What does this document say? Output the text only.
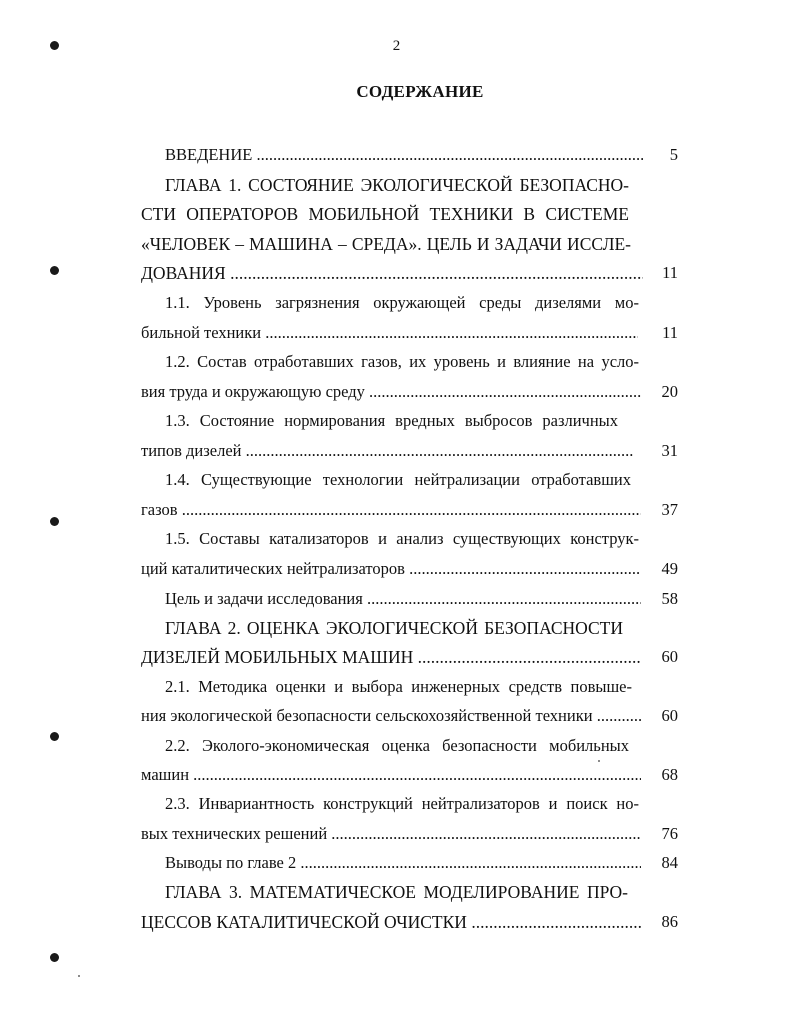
2
СОДЕРЖАНИЕ
ВВЕДЕНИЕ .....	5
ГЛАВА 1. СОСТОЯНИЕ ЭКОЛОГИЧЕСКОЙ БЕЗОПАСНО-
СТИ ОПЕРАТОРОВ МОБИЛЬНОЙ ТЕХНИКИ В СИСТЕМЕ
«ЧЕЛОВЕК – МАШИНА – СРЕДА». ЦЕЛЬ И ЗАДАЧИ ИССЛЕ-
ДОВАНИЯ .....	11
1.1. Уровень загрязнения окружающей среды дизелями мо-
бильной техники .....	11
1.2. Состав отработавших газов, их уровень и влияние на усло-
вия труда и окружающую среду .....	20
1.3. Состояние нормирования вредных выбросов различных
типов дизелей .....	31
1.4. Существующие технологии нейтрализации отработавших
газов .....	37
1.5. Составы катализаторов и анализ существующих конструк-
ций каталитических нейтрализаторов .....	49
Цель и задачи исследования .....	58
ГЛАВА 2. ОЦЕНКА ЭКОЛОГИЧЕСКОЙ БЕЗОПАСНОСТИ
ДИЗЕЛЕЙ МОБИЛЬНЫХ МАШИН .....	60
2.1. Методика оценки и выбора инженерных средств повыше-
ния экологической безопасности сельскохозяйственной техники .....	60
2.2. Эколого-экономическая оценка безопасности мобильных
машин .....	68
2.3. Инвариантность конструкций нейтрализаторов и поиск но-
вых технических решений .....	76
Выводы по главе 2 .....	84
ГЛАВА 3. МАТЕМАТИЧЕСКОЕ МОДЕЛИРОВАНИЕ ПРО-
ЦЕССОВ КАТАЛИТИЧЕСКОЙ ОЧИСТКИ .....	86
